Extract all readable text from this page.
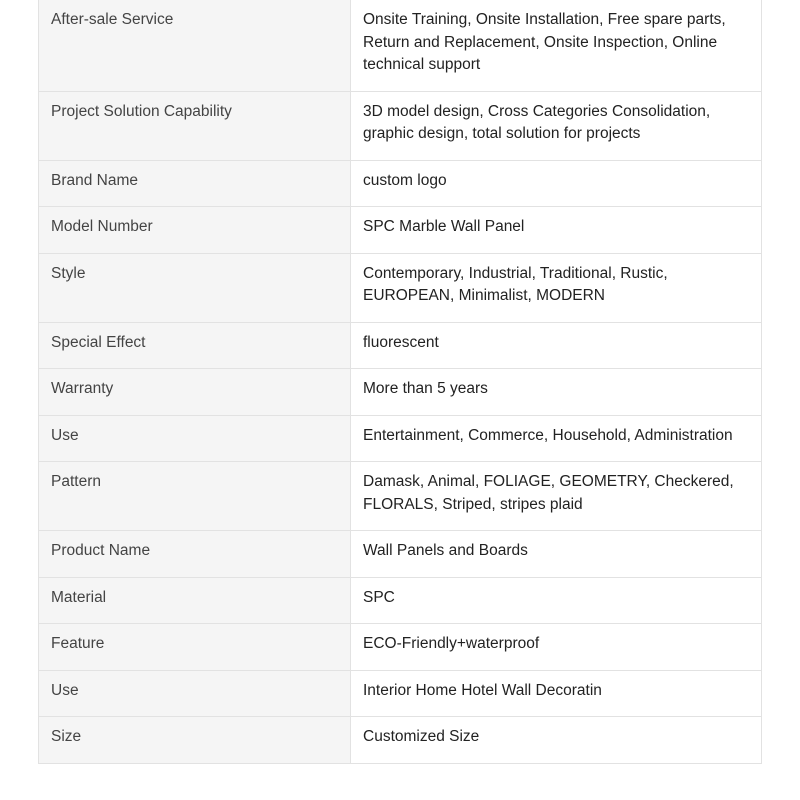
After-sale Service	Onsite Training, Onsite Installation, Free spare parts, Return and Replacement, Onsite Inspection, Online technical support
Project Solution Capability	3D model design, Cross Categories Consolidation, graphic design, total solution for projects
Brand Name	custom logo
Model Number	SPC Marble Wall Panel
Style	Contemporary, Industrial, Traditional, Rustic, EUROPEAN, Minimalist, MODERN
Special Effect	fluorescent
Warranty	More than 5 years
Use	Entertainment, Commerce, Household, Administration
Pattern	Damask, Animal, FOLIAGE, GEOMETRY, Checkered, FLORALS, Striped, stripes plaid
Product Name	Wall Panels and Boards
Material	SPC
Feature	ECO-Friendly+waterproof
Use	Interior Home Hotel Wall Decoratin
Size	Customized Size
